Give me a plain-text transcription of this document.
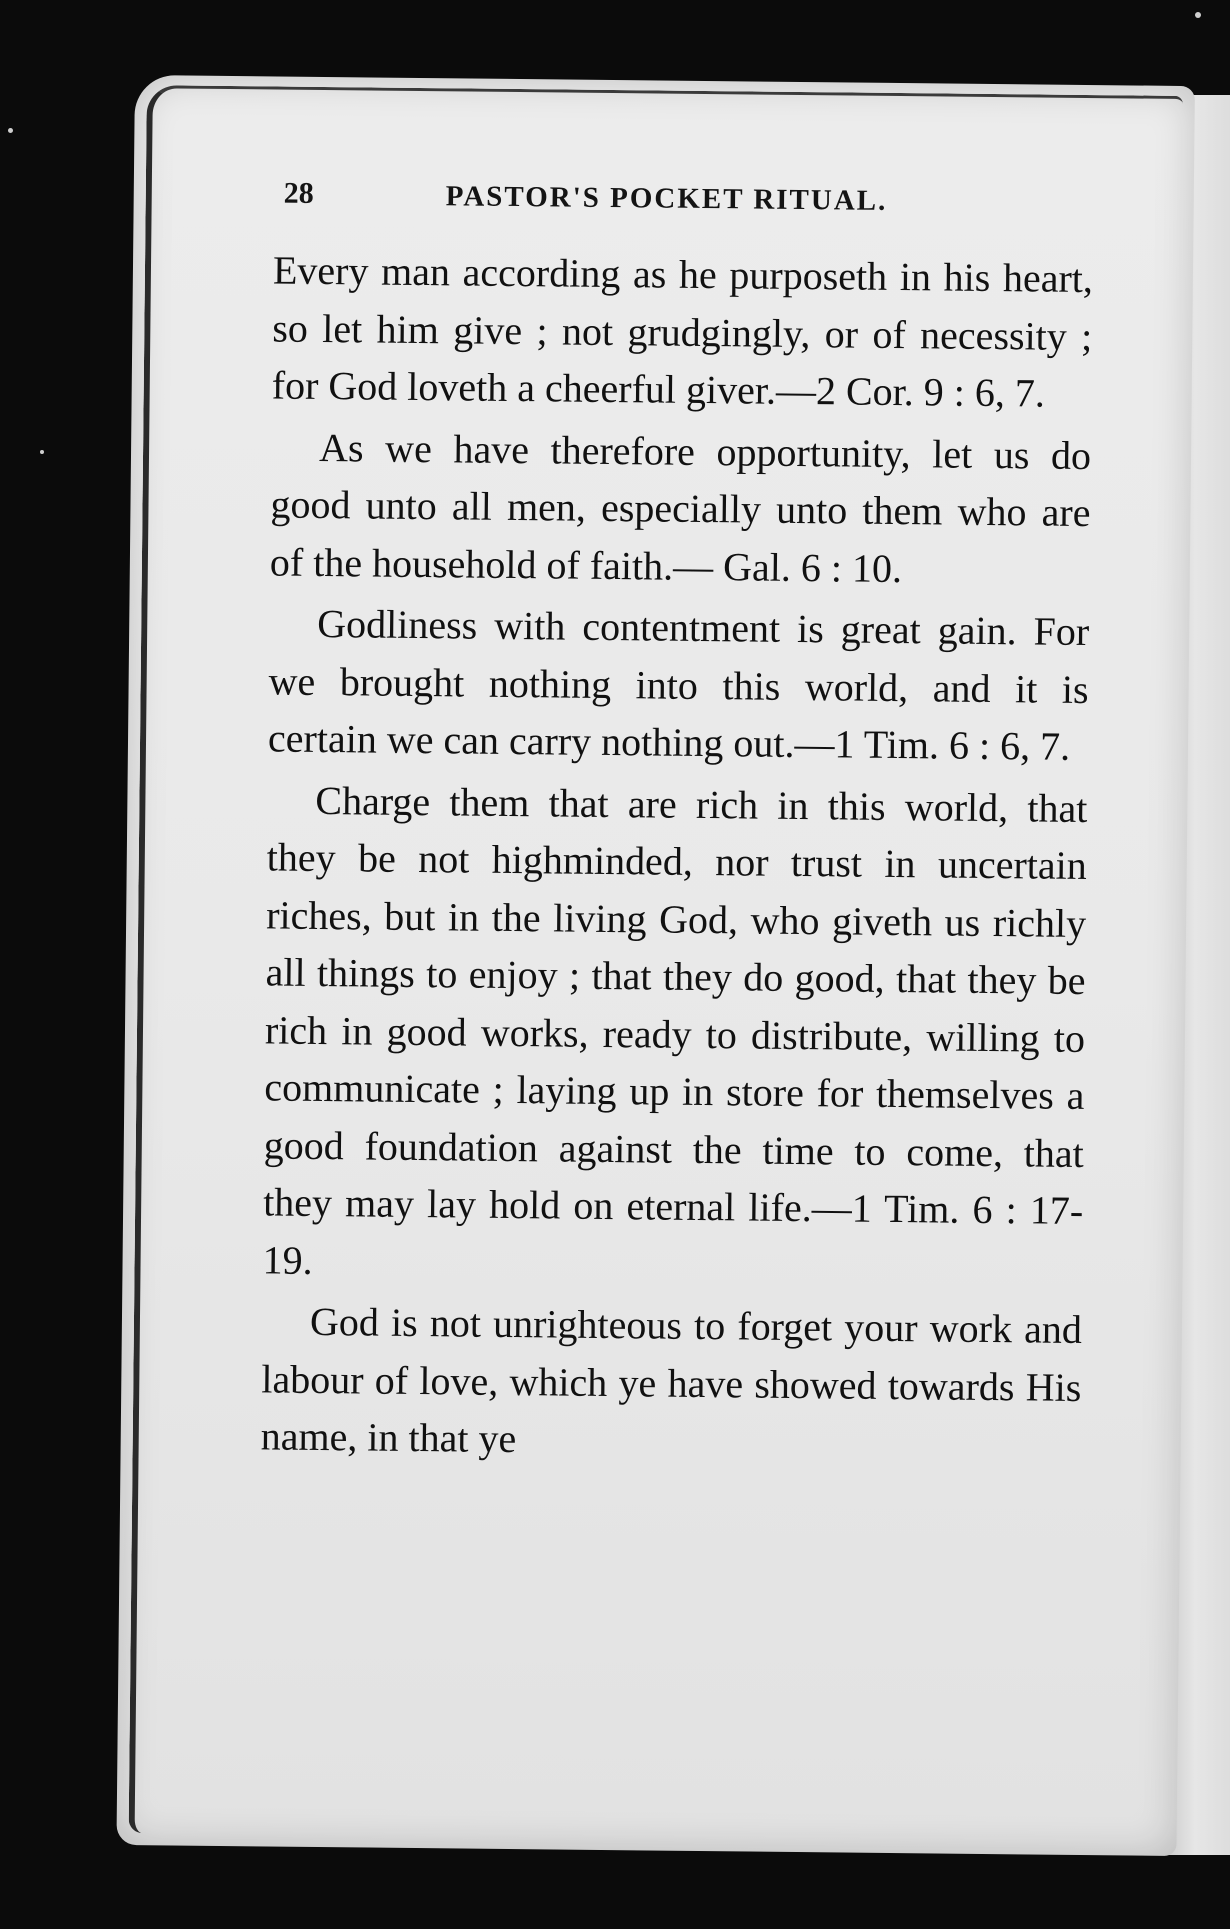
28	PASTOR'S POCKET RITUAL.

Every man according as he purposeth in his heart, so let him give ; not grudgingly, or of necessity ; for God loveth a cheerful giver.—2 Cor. 9 : 6, 7.

As we have therefore opportunity, let us do good unto all men, especially unto them who are of the household of faith.— Gal. 6 : 10.

Godliness with contentment is great gain. For we brought nothing into this world, and it is certain we can carry nothing out.—1 Tim. 6 : 6, 7.

Charge them that are rich in this world, that they be not highminded, nor trust in uncertain riches, but in the living God, who giveth us richly all things to enjoy ; that they do good, that they be rich in good works, ready to distribute, willing to communicate ; laying up in store for themselves a good foundation against the time to come, that they may lay hold on eternal life.—1 Tim. 6 : 17-19.

God is not unrighteous to forget your work and labour of love, which ye have showed towards His name, in that ye
